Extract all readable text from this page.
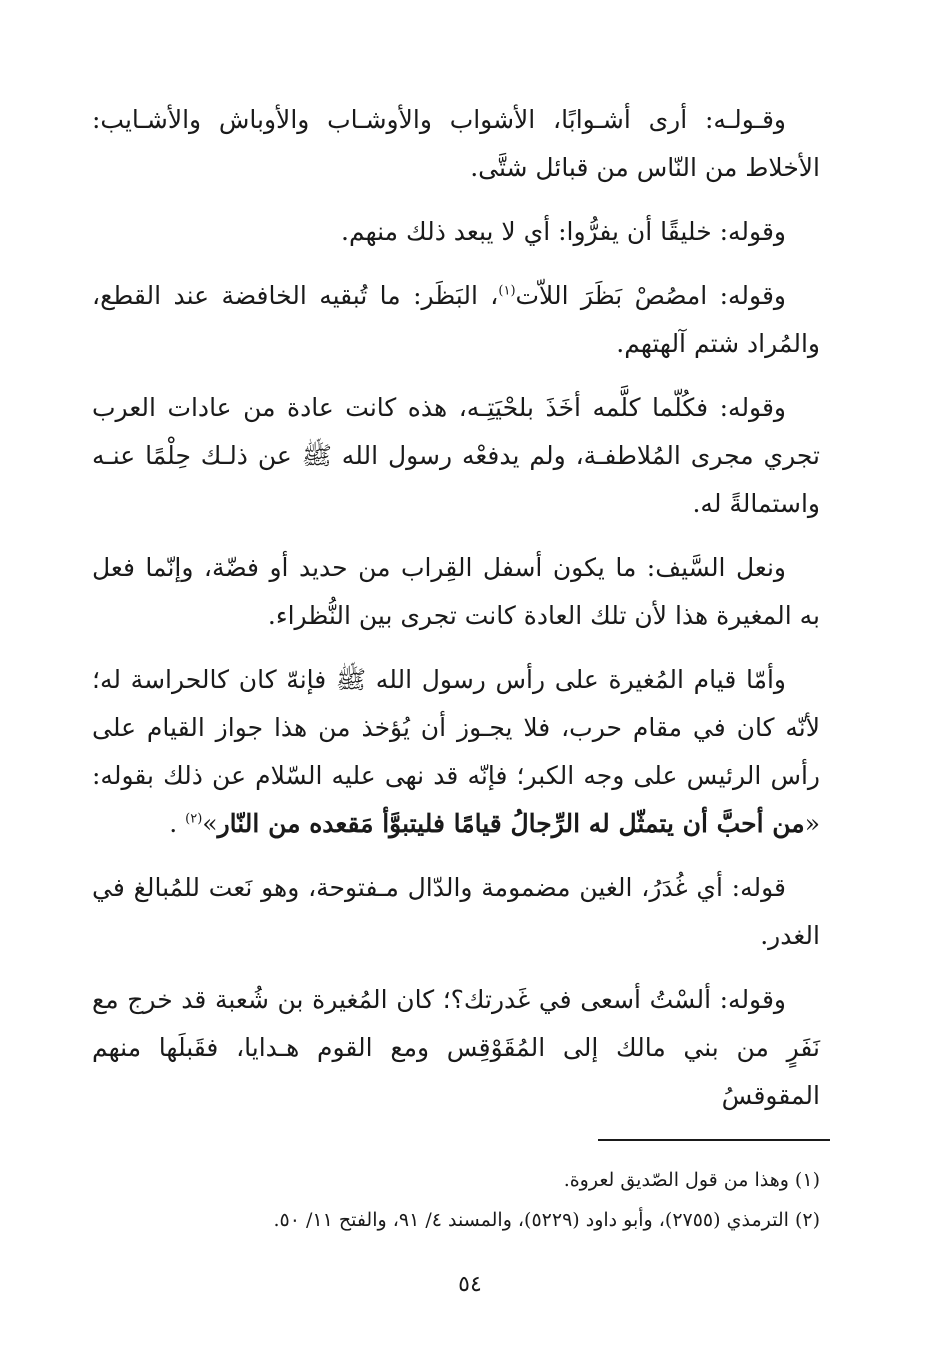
وقـولـه: أرى أشـوابًا، الأشواب والأوشـاب والأوباش والأشـايب: الأخلاط من النّاس من قبائل شتَّى.

وقوله: خليقًا أن يفرُّوا: أي لا يبعد ذلك منهم.

وقوله: امصُصْ بَظَرَ اللاّت$^{(١)}$، البَظَر: ما تُبقيه الخافضة عند القطع، والمُراد شتم آلهتهم.

وقوله: فكُلّما كلَّمه أخَذَ بلحْيَتِـه، هذه كانت عادة من عادات العرب تجري مجرى المُلاطفـة، ولم يدفعْه رسول الله ﷺ عن ذلـك حِلْمًا عنـه واستمالةً له.

ونعل السَّيف: ما يكون أسفل القِراب من حديد أو فضّة، وإنّما فعل به المغيرة هذا لأن تلك العادة كانت تجرى بين النُّظراء.

وأمّا قيام المُغيرة على رأس رسول الله ﷺ فإنهّ كان كالحراسة له؛ لأنّه كان في مقام حرب، فلا يجـوز أن يُؤخذ من هذا جواز القيام على رأس الرئيس على وجه الكبر؛ فإنّه قد نهى عليه السّلام عن ذلك بقوله: «من أحبَّ أن يتمثّل له الرِّجالُ قيامًا فليتبوَّأ مَقعده من النّار»$^{(٢)}$ .

قوله: أي غُدَرُ، الغين مضمومة والدّال مـفتوحة، وهو نَعت للمُبالغ في الغدر.

وقوله: ألسْتُ أسعى في غَدرتك؟؛ كان المُغيرة بن شُعبة قد خرج مع نَفَرٍ من بني مالك إلى المُقَوْقِس ومع القوم هـدايا، فقَبلَها منهم المقوقسُ

(١) وهذا من قول الصّديق لعروة.

(٢) الترمذي (٢٧٥٥)، وأبو داود (٥٢٢٩)، والمسند ٤/ ٩١، والفتح ١١/ ٥٠.

٥٤
